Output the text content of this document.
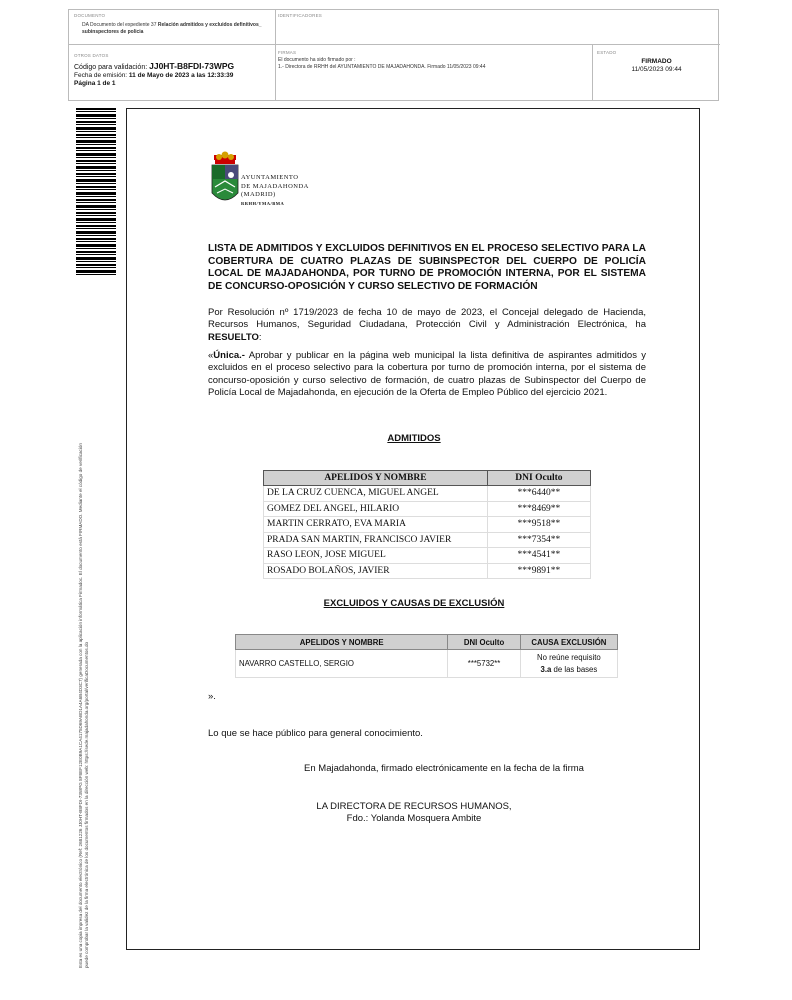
DOCUMENTO
DA Documento del expediente 37 Relación admitidos y excluidos definitivos_ subinspectores de policia
IDENTIFICADORES
OTROS DATOS
Código para validación: JJ0HT-B8FDI-73WPG
Fecha de emisión: 11 de Mayo de 2023 a las 12:33:39
Página 1 de 1
FIRMAS
El documento ha sido firmado por :
1.- Directora de RRHH del AYUNTAMIENTO DE MAJADAHONDA. Firmado 11/05/2023 09:44
ESTADO
FIRMADO
11/05/2023 09:44
Esta es una copia impresa del documento electrónico (Ref: 2681226 JJ0HT-B8FDI-73WPG 8F8EF12E0B9A1CA4175D69ABD1A4A6B4D3C7) generada con la aplicación informática Firmadoc. El documento está FIRMADO. Mediante el código de verificación puede comprobar la validez de la firma electrónica de los documentos firmados en la dirección web: https://sede.majadahonda.org/portal/verificaDocumentos.do
AYUNTAMIENTO
DE MAJADAHONDA
(MADRID)
RRHH/YMA/BMA
LISTA DE ADMITIDOS Y EXCLUIDOS DEFINITIVOS EN EL PROCESO SELECTIVO PARA LA COBERTURA DE CUATRO PLAZAS DE SUBINSPECTOR DEL CUERPO DE POLICÍA LOCAL DE MAJADAHONDA, POR TURNO DE PROMOCIÓN INTERNA, POR EL SISTEMA DE CONCURSO-OPOSICIÓN Y CURSO SELECTIVO DE FORMACIÓN
Por Resolución nº 1719/2023 de fecha 10 de mayo de 2023, el Concejal delegado de Hacienda, Recursos Humanos, Seguridad Ciudadana, Protección Civil y Administración Electrónica, ha RESUELTO:
«Única.- Aprobar y publicar en la página web municipal la lista definitiva de aspirantes admitidos y excluidos en el proceso selectivo para la cobertura por turno de promoción interna, por el sistema de concurso-oposición y curso selectivo de formación, de cuatro plazas de Subinspector del Cuerpo de Policía Local de Majadahonda, en ejecución de la Oferta de Empleo Público del ejercicio 2021.
ADMITIDOS
APELIDOS Y NOMBRE	DNI Oculto
DE LA CRUZ CUENCA, MIGUEL ANGEL	***6440**
GOMEZ DEL ANGEL, HILARIO	***8469**
MARTIN CERRATO, EVA MARIA	***9518**
PRADA SAN MARTIN, FRANCISCO JAVIER	***7354**
RASO LEON, JOSE MIGUEL	***4541**
ROSADO BOLAÑOS, JAVIER	***9891**
EXCLUIDOS Y CAUSAS DE EXCLUSIÓN
APELIDOS Y NOMBRE	DNI Oculto	CAUSA EXCLUSIÓN
NAVARRO CASTELLO, SERGIO	***5732**	No reúne requisito
3.a de las bases
».
Lo que se hace público para general conocimiento.
En Majadahonda, firmado electrónicamente en la fecha de la firma
LA DIRECTORA DE RECURSOS HUMANOS,
Fdo.: Yolanda Mosquera Ambite
